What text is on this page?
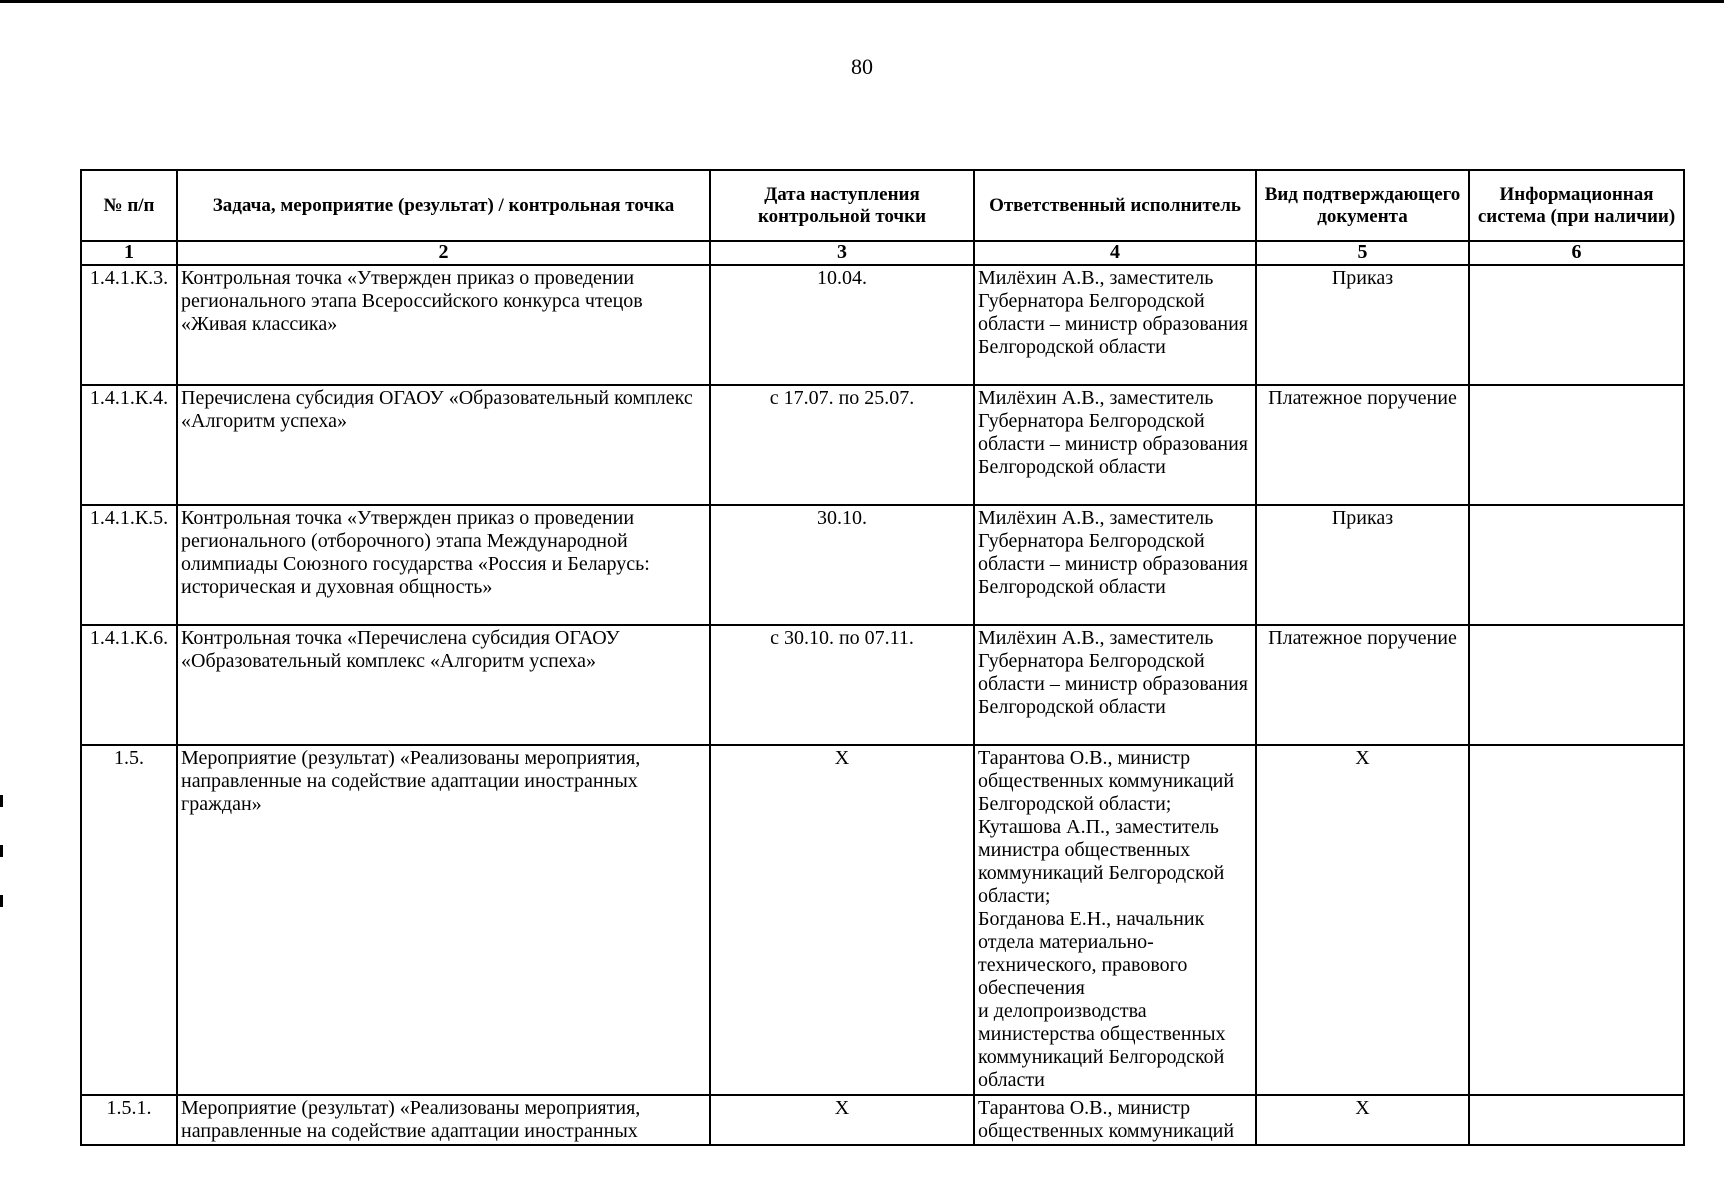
80
№ п/п	Задача, мероприятие (результат) / контрольная точка	Дата наступления контрольной точки	Ответственный исполнитель	Вид подтверждающего документа	Информационная система (при наличии)
1	2	3	4	5	6
1.4.1.К.3.	Контрольная точка «Утвержден приказ о проведении регионального этапа Всероссийского конкурса чтецов «Живая классика»	10.04.	Милёхин А.В., заместитель Губернатора Белгородской области – министр образования Белгородской области	Приказ	
1.4.1.К.4.	Перечислена субсидия ОГАОУ «Образовательный комплекс «Алгоритм успеха»	с 17.07. по 25.07.	Милёхин А.В., заместитель Губернатора Белгородской области – министр образования Белгородской области	Платежное поручение	
1.4.1.К.5.	Контрольная точка «Утвержден приказ о проведении регионального (отборочного) этапа Международной олимпиады Союзного государства «Россия и Беларусь: историческая и духовная общность»	30.10.	Милёхин А.В., заместитель Губернатора Белгородской области – министр образования Белгородской области	Приказ	
1.4.1.К.6.	Контрольная точка «Перечислена субсидия ОГАОУ «Образовательный комплекс «Алгоритм успеха»	с 30.10. по 07.11.	Милёхин А.В., заместитель Губернатора Белгородской области – министр образования Белгородской области	Платежное поручение	
1.5.	Мероприятие (результат) «Реализованы мероприятия, направленные на содействие адаптации иностранных граждан»	X	Тарантова О.В., министр общественных коммуникаций Белгородской области;
Куташова А.П., заместитель министра общественных коммуникаций Белгородской области;
Богданова Е.Н., начальник отдела материально-технического, правового обеспечения
и делопроизводства министерства общественных коммуникаций Белгородской области	X	
1.5.1.	Мероприятие (результат) «Реализованы мероприятия, направленные на содействие адаптации иностранных	X	Тарантова О.В., министр общественных коммуникаций	X	
